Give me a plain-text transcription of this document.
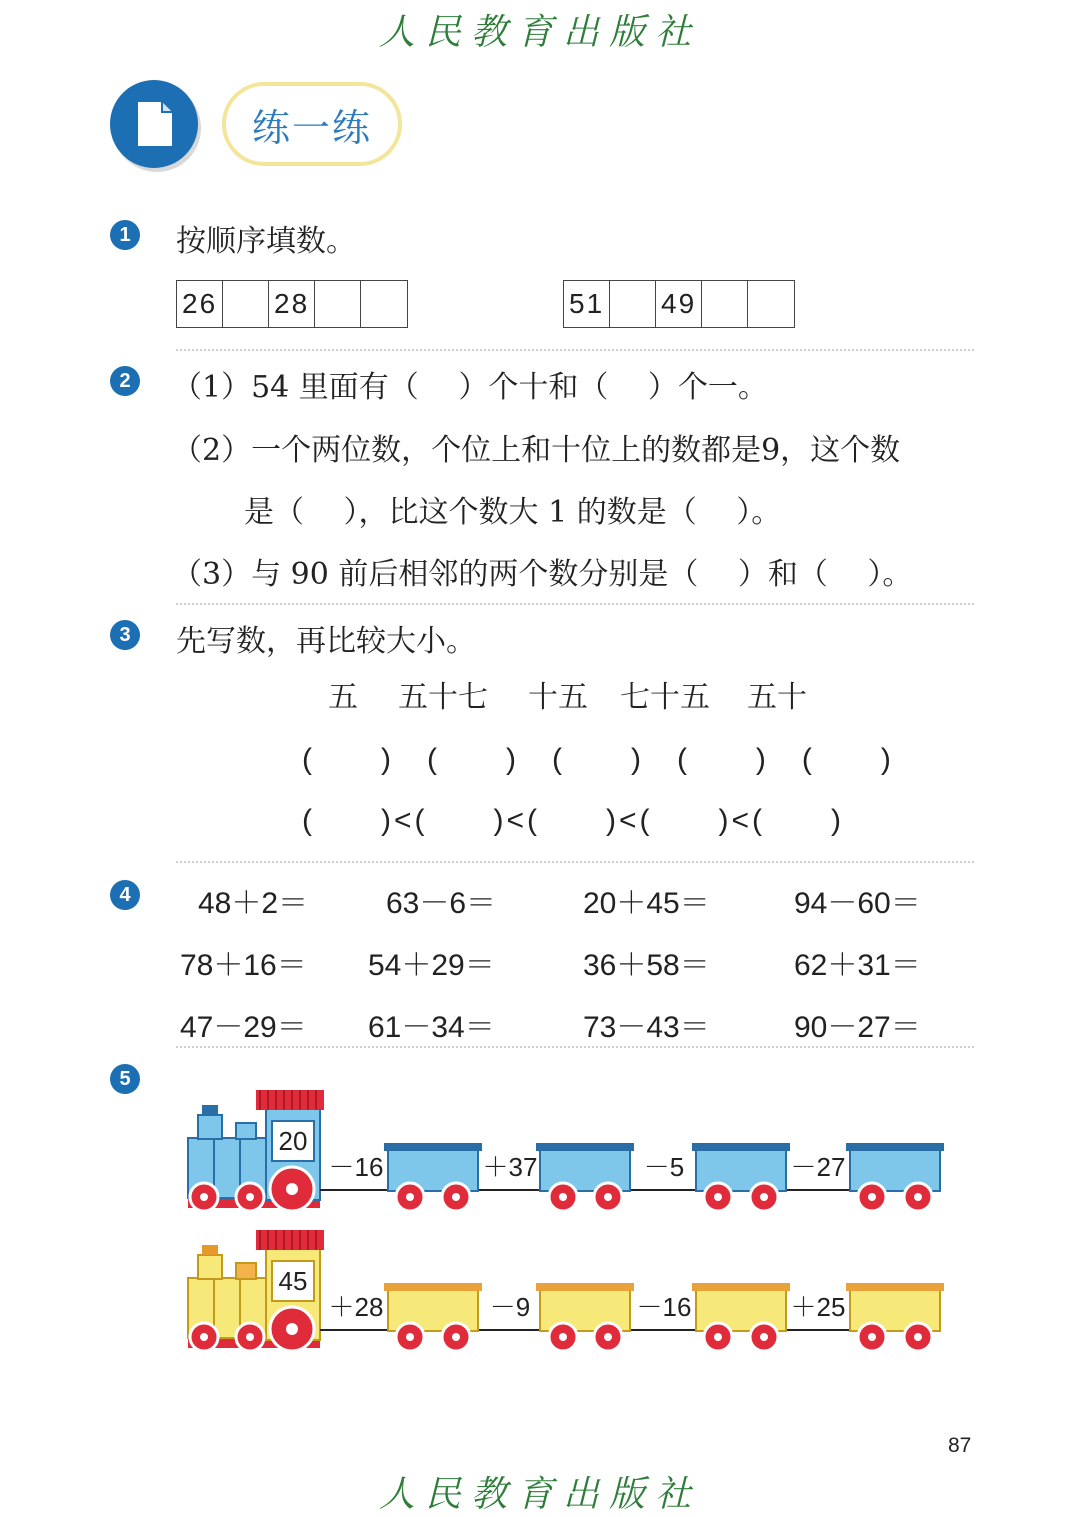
人民教育出版社
练一练
1	按顺序填数。
26 28	51 49
2	（1）54 里面有（　 ）个十和（　 ）个一。
（2）一个两位数，个位上和十位上的数都是9，这个数
是（　 ），比这个数大 1 的数是（　 ）。
（3）与 90 前后相邻的两个数分别是（　 ）和（　 ）。
3	先写数，再比较大小。
五 五十七 十五 七十五 五十
(　　)　(　　)　(　　)　(　　)　(　　)
(　　)<(　　)<(　　)<(　　)<(　　)
4	48＋2＝	63－6＝	20＋45＝	94－60＝
78＋16＝ 54＋29＝	36＋58＝	62＋31＝
47－29＝ 61－34＝	73－43＝	90－27＝
5
20
－16	＋37	－5	－27
45
＋28	－9	－16	＋25
87
人民教育出版社
